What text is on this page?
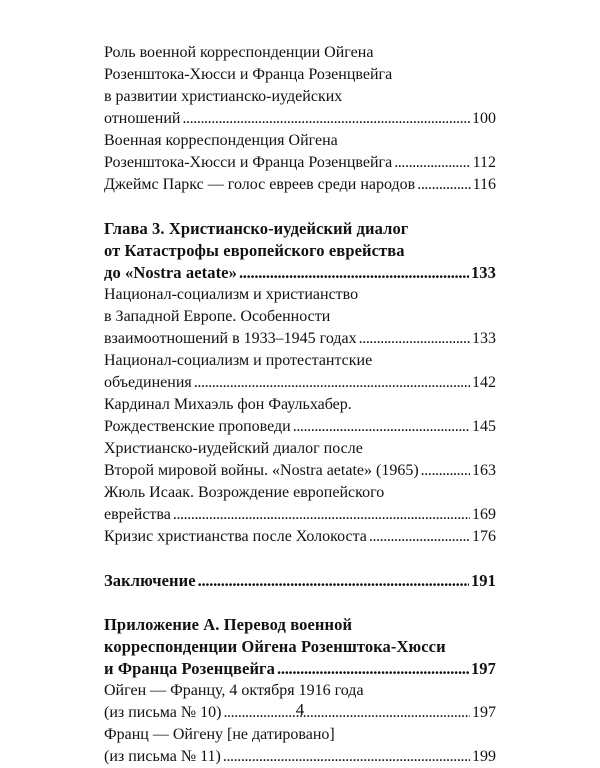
Роль военной корреспонденции Ойгена
Розенштока-Хюсси и Франца Розенцвейга
в развитии христианско-иудейских
отношений . . .	100
Военная корреспонденция Ойгена
Розенштока-Хюсси и Франца Розенцвейга . . .	112
Джеймс Паркс — голос евреев среди народов . . .	116
Глава 3. Христианско-иудейский диалог
от Катастрофы европейского еврейства
до «Nostra aetate» . . .	133
Национал-социализм и христианство
в Западной Европе. Особенности
взаимоотношений в 1933–1945 годах . . .	133
Национал-социализм и протестантские
объединения . . .	142
Кардинал Михаэль фон Фаульхабер.
Рождественские проповеди . . .	145
Христианско-иудейский диалог после
Второй мировой войны. «Nostra aetate» (1965) . . .	163
Жюль Исаак. Возрождение европейского
еврейства . . .	169
Кризис христианства после Холокоста . . .	176
Заключение . . .	191
Приложение А. Перевод военной
корреспонденции Ойгена Розенштока-Хюсси
и Франца Розенцвейга . . .	197
Ойген — Францу, 4 октября 1916 года
(из письма № 10) . . .	197
Франц — Ойгену [не датировано]
(из письма № 11) . . .	199
4
